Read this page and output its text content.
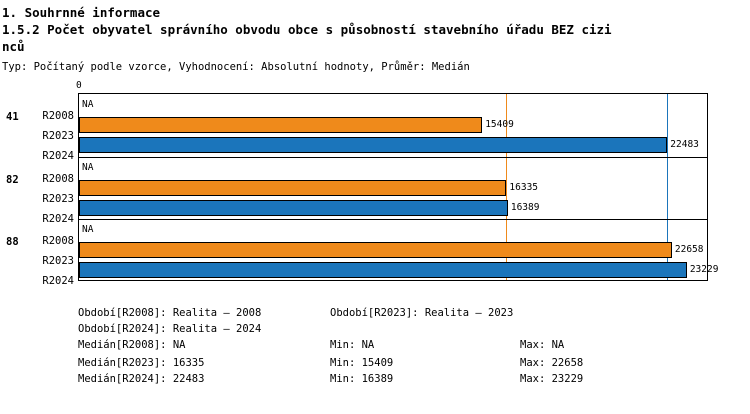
1. Souhrnné informace
1.5.2 Počet obyvatel správního obvodu obce s působností stavebního úřadu BEZ cizi
nců
Typ: Počítaný podle vzorce, Vyhodnocení: Absolutní hodnoty, Průměr: Medián
0
41 R2008
R2023
R2024
82 R2008
R2023
R2024
88 R2008
R2023
R2024
NA
15409
22483
NA
16335
16389
NA
22658
23229
Období[R2008]: Realita – 2008	Období[R2023]: Realita – 2023
Období[R2024]: Realita – 2024
Medián[R2008]: NA	Min: NA	Max: NA
Medián[R2023]: 16335	Min: 15409	Max: 22658
Medián[R2024]: 22483	Min: 16389	Max: 23229
